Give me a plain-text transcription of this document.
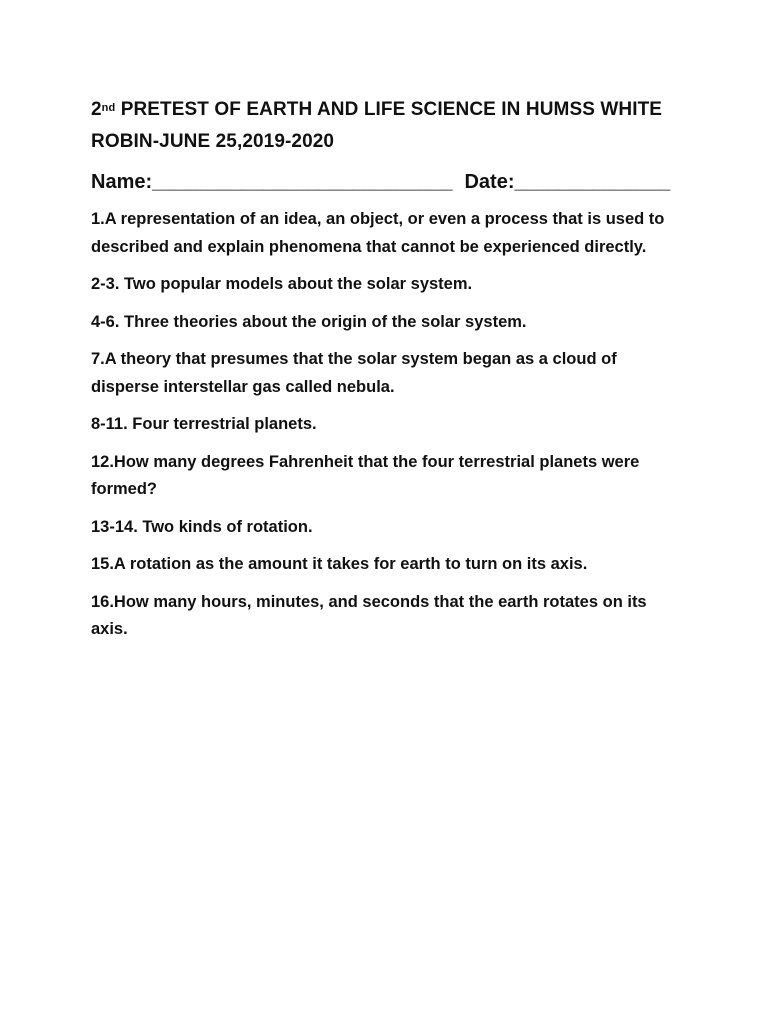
2nd PRETEST OF EARTH AND LIFE SCIENCE IN HUMSS WHITE ROBIN-JUNE 25,2019-2020

Name:___________________________ Date:______________

1.A representation of an idea, an object, or even a process that is used to described and explain phenomena that cannot be experienced directly.
2-3. Two popular models about the solar system.
4-6. Three theories about the origin of the solar system.
7.A theory that presumes that the solar system began as a cloud of disperse interstellar gas called nebula.
8-11. Four terrestrial planets.
12.How many degrees Fahrenheit that the four terrestrial planets were formed?
13-14. Two kinds of rotation.
15.A rotation as the amount it takes for earth to turn on its axis.
16.How many hours, minutes, and seconds that the earth rotates on its axis.
